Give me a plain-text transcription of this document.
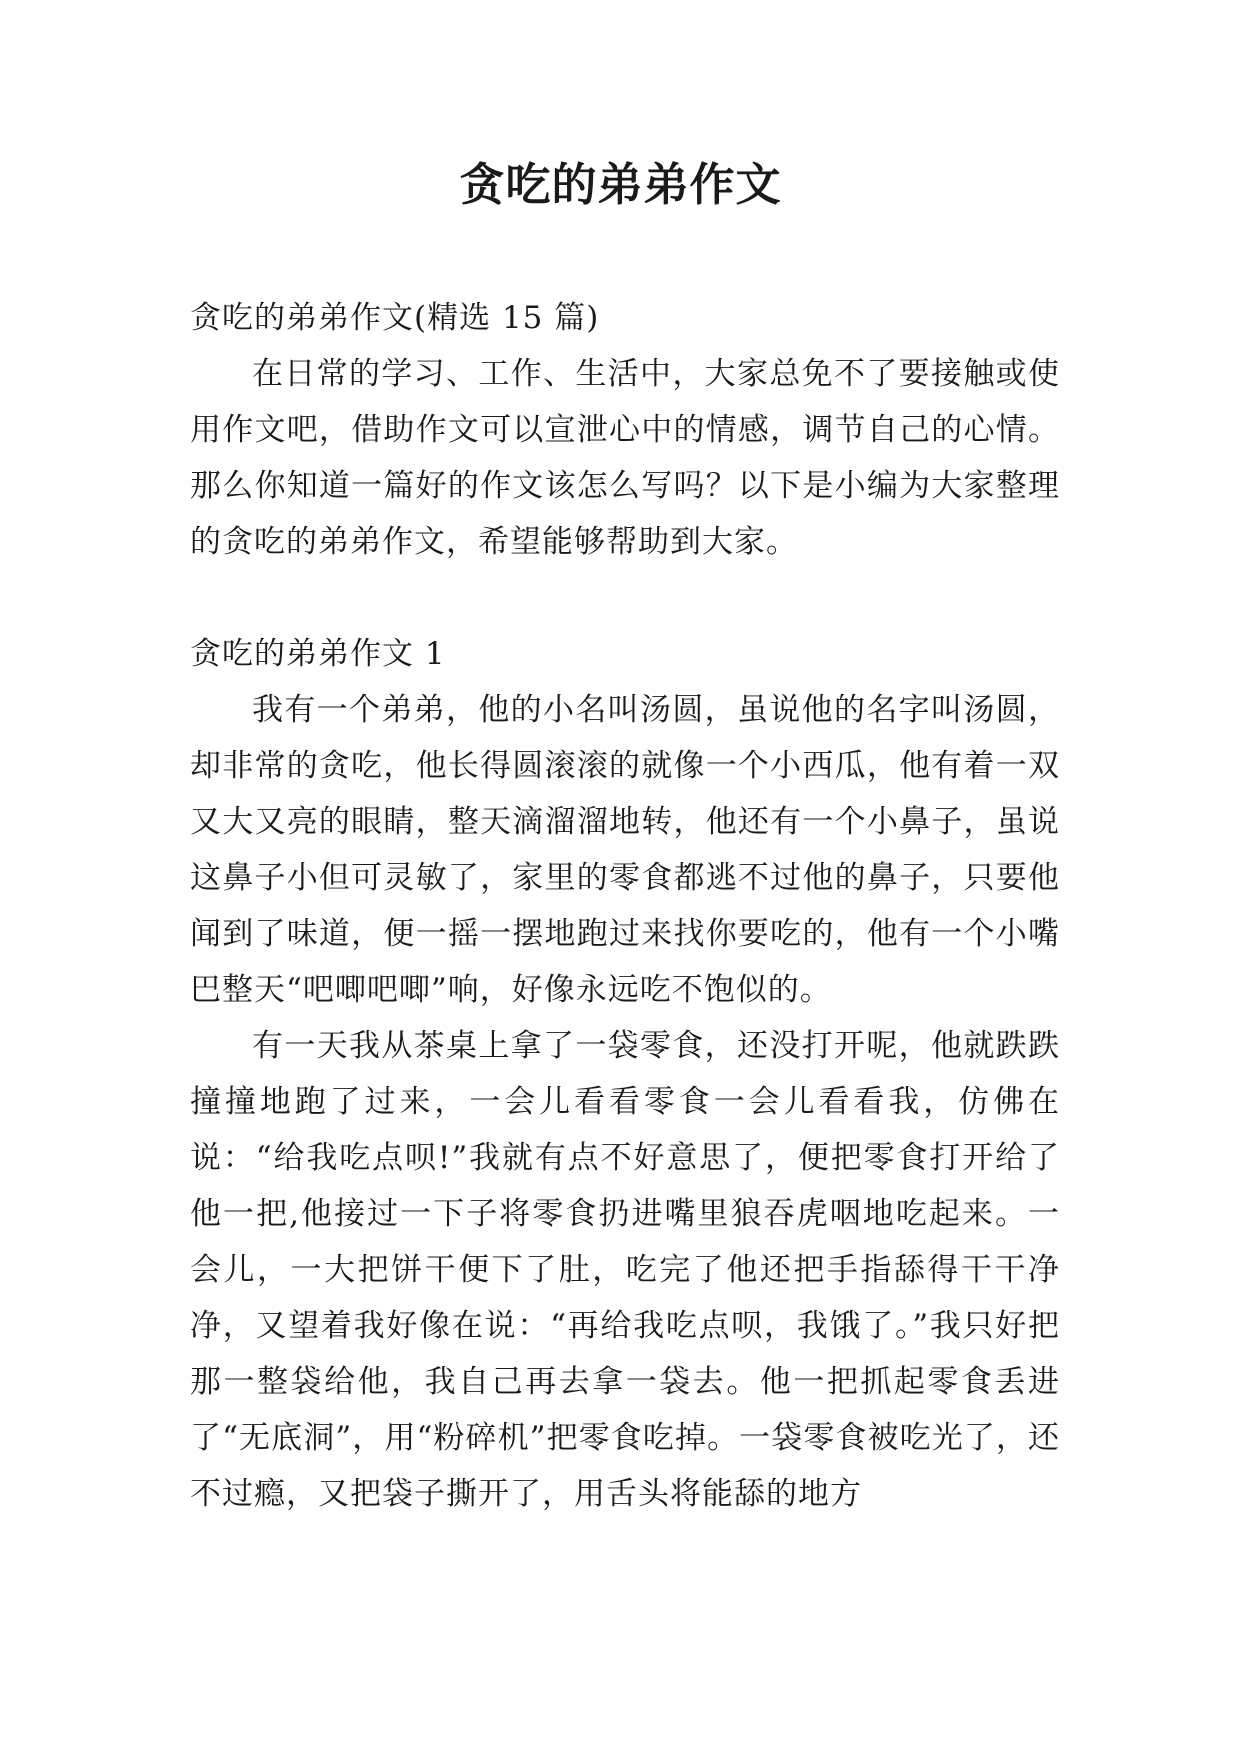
贪吃的弟弟作文

贪吃的弟弟作文(精选 15 篇)

在日常的学习、工作、生活中，大家总免不了要接触或使用作文吧，借助作文可以宣泄心中的情感，调节自己的心情。那么你知道一篇好的作文该怎么写吗？以下是小编为大家整理的贪吃的弟弟作文，希望能够帮助到大家。

贪吃的弟弟作文 1

我有一个弟弟，他的小名叫汤圆，虽说他的名字叫汤圆，却非常的贪吃，他长得圆滚滚的就像一个小西瓜，他有着一双又大又亮的眼睛，整天滴溜溜地转，他还有一个小鼻子，虽说这鼻子小但可灵敏了，家里的零食都逃不过他的鼻子，只要他闻到了味道，便一摇一摆地跑过来找你要吃的，他有一个小嘴巴整天“吧唧吧唧”响，好像永远吃不饱似的。

有一天我从茶桌上拿了一袋零食，还没打开呢，他就跌跌撞撞地跑了过来，一会儿看看零食一会儿看看我，仿佛在说：“给我吃点呗!”我就有点不好意思了，便把零食打开给了他一把,他接过一下子将零食扔进嘴里狼吞虎咽地吃起来。一会儿，一大把饼干便下了肚，吃完了他还把手指舔得干干净净，又望着我好像在说：“再给我吃点呗，我饿了。”我只好把那一整袋给他，我自己再去拿一袋去。他一把抓起零食丢进了“无底洞”，用“粉碎机”把零食吃掉。一袋零食被吃光了，还不过瘾，又把袋子撕开了，用舌头将能舔的地方
